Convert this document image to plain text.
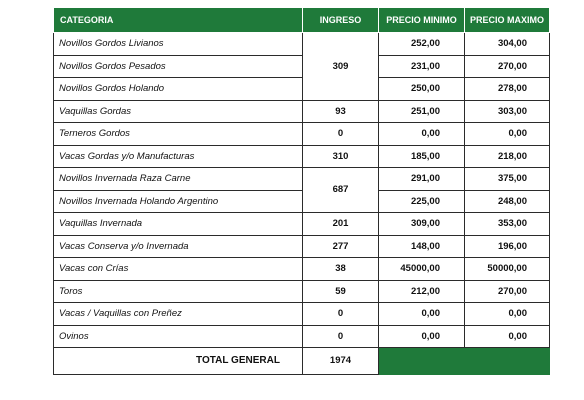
CATEGORIA	INGRESO	PRECIO MINIMO	PRECIO MAXIMO
Novillos Gordos Livianos	309	252,00	304,00
Novillos Gordos Pesados		231,00	270,00
Novillos Gordos Holando		250,00	278,00
Vaquillas Gordas	93	251,00	303,00
Terneros Gordos	0	0,00	0,00
Vacas Gordas y/o Manufacturas	310	185,00	218,00
Novillos Invernada Raza Carne	687	291,00	375,00
Novillos Invernada Holando Argentino		225,00	248,00
Vaquillas Invernada	201	309,00	353,00
Vacas Conserva y/o Invernada	277	148,00	196,00
Vacas con Crías	38	45000,00	50000,00
Toros	59	212,00	270,00
Vacas / Vaquillas con Preñez	0	0,00	0,00
Ovinos	0	0,00	0,00
TOTAL GENERAL	1974		
